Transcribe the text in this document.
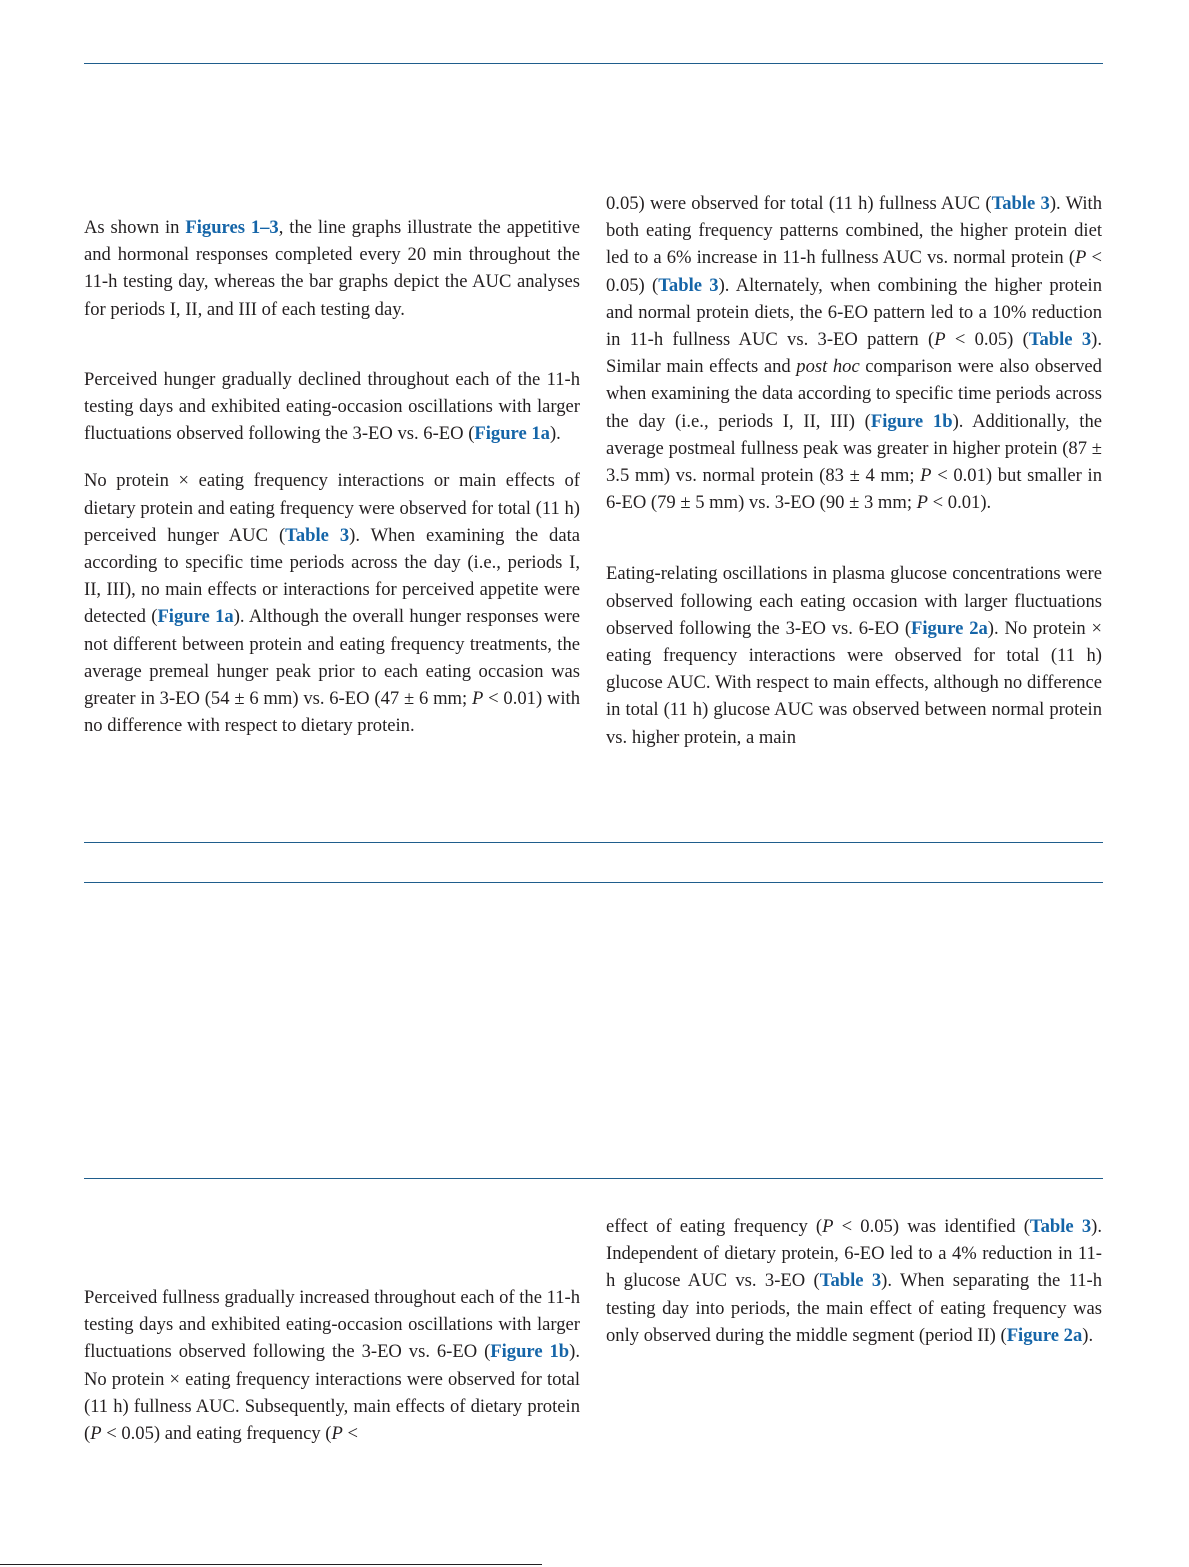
As shown in Figures 1–3, the line graphs illustrate the appetitive and hormonal responses completed every 20 min throughout the 11-h testing day, whereas the bar graphs depict the AUC analyses for periods I, II, and III of each testing day.

Perceived hunger gradually declined throughout each of the 11-h testing days and exhibited eating-occasion oscillations with larger fluctuations observed following the 3-EO vs. 6-EO (Figure 1a).

No protein × eating frequency interactions or main effects of dietary protein and eating frequency were observed for total (11 h) perceived hunger AUC (Table 3). When examining the data according to specific time periods across the day (i.e., periods I, II, III), no main effects or interactions for perceived appetite were detected (Figure 1a). Although the overall hunger responses were not different between protein and eating frequency treatments, the average premeal hunger peak prior to each eating occasion was greater in 3-EO (54 ± 6 mm) vs. 6-EO (47 ± 6 mm; P < 0.01) with no difference with respect to dietary protein.

0.05) were observed for total (11 h) fullness AUC (Table 3). With both eating frequency patterns combined, the higher protein diet led to a 6% increase in 11-h fullness AUC vs. normal protein (P < 0.05) (Table 3). Alternately, when combining the higher protein and normal protein diets, the 6-EO pattern led to a 10% reduction in 11-h fullness AUC vs. 3-EO pattern (P < 0.05) (Table 3). Similar main effects and post hoc comparison were also observed when examining the data according to specific time periods across the day (i.e., periods I, II, III) (Figure 1b). Additionally, the average postmeal fullness peak was greater in higher protein (87 ± 3.5 mm) vs. normal protein (83 ± 4 mm; P < 0.01) but smaller in 6-EO (79 ± 5 mm) vs. 3-EO (90 ± 3 mm; P < 0.01).

Eating-relating oscillations in plasma glucose concentrations were observed following each eating occasion with larger fluctuations observed following the 3-EO vs. 6-EO (Figure 2a). No protein × eating frequency interactions were observed for total (11 h) glucose AUC. With respect to main effects, although no difference in total (11 h) glucose AUC was observed between normal protein vs. higher protein, a main

Perceived fullness gradually increased throughout each of the 11-h testing days and exhibited eating-occasion oscillations with larger fluctuations observed following the 3-EO vs. 6-EO (Figure 1b). No protein × eating frequency interactions were observed for total (11 h) fullness AUC. Subsequently, main effects of dietary protein (P < 0.05) and eating frequency (P <

effect of eating frequency (P < 0.05) was identified (Table 3). Independent of dietary protein, 6-EO led to a 4% reduction in 11-h glucose AUC vs. 3-EO (Table 3). When separating the 11-h testing day into periods, the main effect of eating frequency was only observed during the middle segment (period II) (Figure 2a).
